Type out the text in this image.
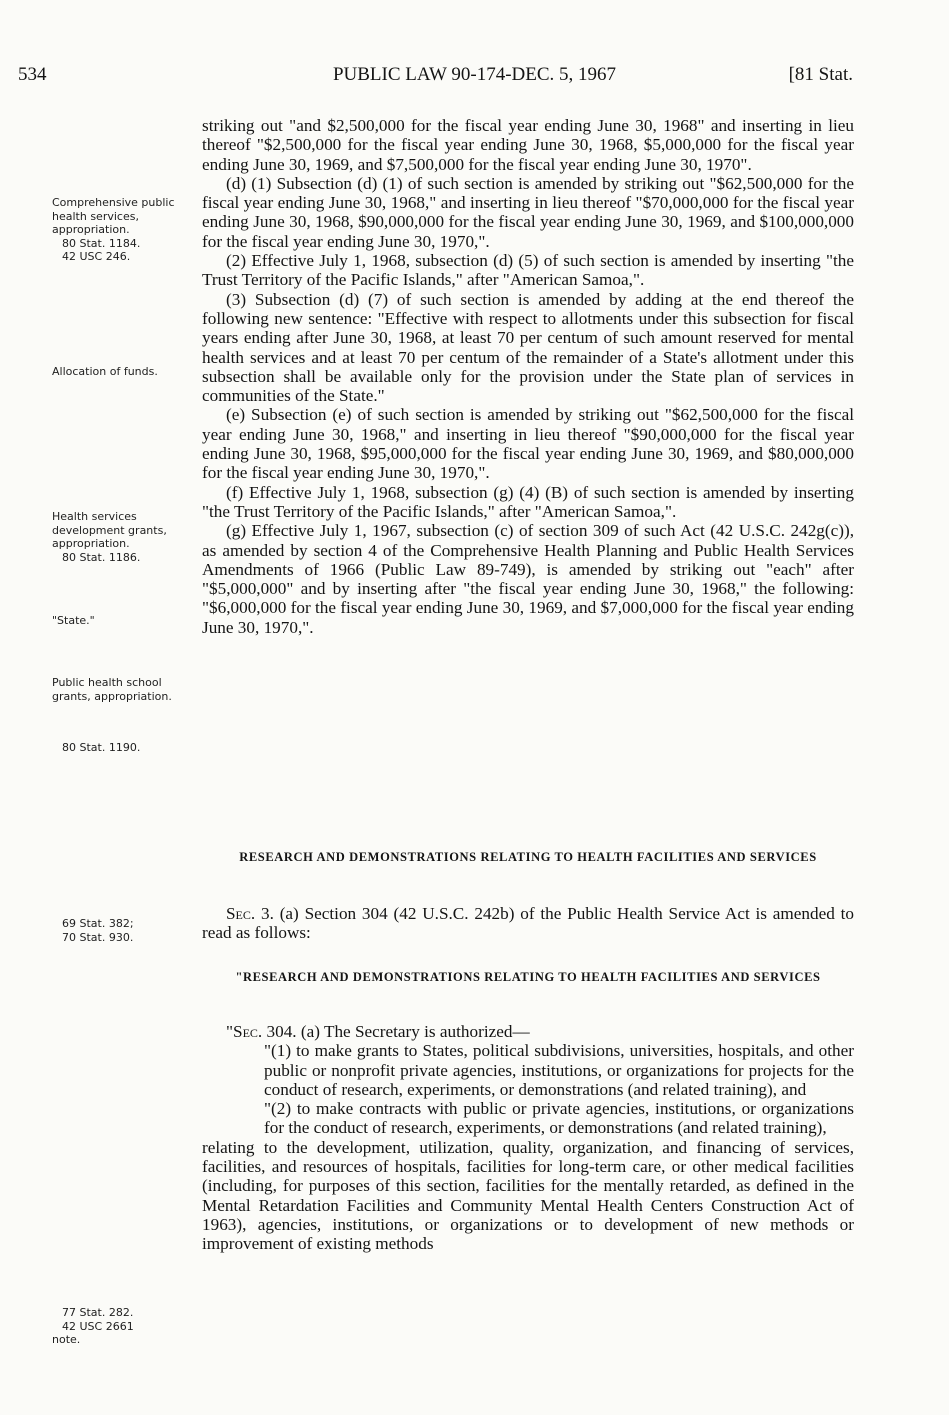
534	PUBLIC LAW 90-174-DEC. 5, 1967	[81 Stat.
Comprehensive public health services, appropriation.
80 Stat. 1184.
42 USC 246.
Allocation of funds.
Health services development grants, appropriation.
80 Stat. 1186.
"State."
Public health school grants, appropriation.
80 Stat. 1190.
69 Stat. 382;
70 Stat. 930.
77 Stat. 282.
42 USC 2661
note.

striking out "and $2,500,000 for the fiscal year ending June 30, 1968" and inserting in lieu thereof "$2,500,000 for the fiscal year ending June 30, 1968, $5,000,000 for the fiscal year ending June 30, 1969, and $7,500,000 for the fiscal year ending June 30, 1970".

(d) (1) Subsection (d) (1) of such section is amended by striking out "$62,500,000 for the fiscal year ending June 30, 1968," and inserting in lieu thereof "$70,000,000 for the fiscal year ending June 30, 1968, $90,000,000 for the fiscal year ending June 30, 1969, and $100,000,000 for the fiscal year ending June 30, 1970,".

(2) Effective July 1, 1968, subsection (d) (5) of such section is amended by inserting "the Trust Territory of the Pacific Islands," after "American Samoa,".

(3) Subsection (d) (7) of such section is amended by adding at the end thereof the following new sentence: "Effective with respect to allotments under this subsection for fiscal years ending after June 30, 1968, at least 70 per centum of such amount reserved for mental health services and at least 70 per centum of the remainder of a State's allotment under this subsection shall be available only for the provision under the State plan of services in communities of the State."

(e) Subsection (e) of such section is amended by striking out "$62,500,000 for the fiscal year ending June 30, 1968," and inserting in lieu thereof "$90,000,000 for the fiscal year ending June 30, 1968, $95,000,000 for the fiscal year ending June 30, 1969, and $80,000,000 for the fiscal year ending June 30, 1970,".

(f) Effective July 1, 1968, subsection (g) (4) (B) of such section is amended by inserting "the Trust Territory of the Pacific Islands," after "American Samoa,".

(g) Effective July 1, 1967, subsection (c) of section 309 of such Act (42 U.S.C. 242g(c)), as amended by section 4 of the Comprehensive Health Planning and Public Health Services Amendments of 1966 (Public Law 89-749), is amended by striking out "each" after "$5,000,000" and by inserting after "the fiscal year ending June 30, 1968," the following: "$6,000,000 for the fiscal year ending June 30, 1969, and $7,000,000 for the fiscal year ending June 30, 1970,".

RESEARCH AND DEMONSTRATIONS RELATING TO HEALTH FACILITIES AND SERVICES

Sec. 3. (a) Section 304 (42 U.S.C. 242b) of the Public Health Service Act is amended to read as follows:

"RESEARCH AND DEMONSTRATIONS RELATING TO HEALTH FACILITIES AND SERVICES

"Sec. 304. (a) The Secretary is authorized—

"(1) to make grants to States, political subdivisions, universities, hospitals, and other public or nonprofit private agencies, institutions, or organizations for projects for the conduct of research, experiments, or demonstrations (and related training), and

"(2) to make contracts with public or private agencies, institutions, or organizations for the conduct of research, experiments, or demonstrations (and related training),

relating to the development, utilization, quality, organization, and financing of services, facilities, and resources of hospitals, facilities for long-term care, or other medical facilities (including, for purposes of this section, facilities for the mentally retarded, as defined in the Mental Retardation Facilities and Community Mental Health Centers Construction Act of 1963), agencies, institutions, or organizations or to development of new methods or improvement of existing methods
